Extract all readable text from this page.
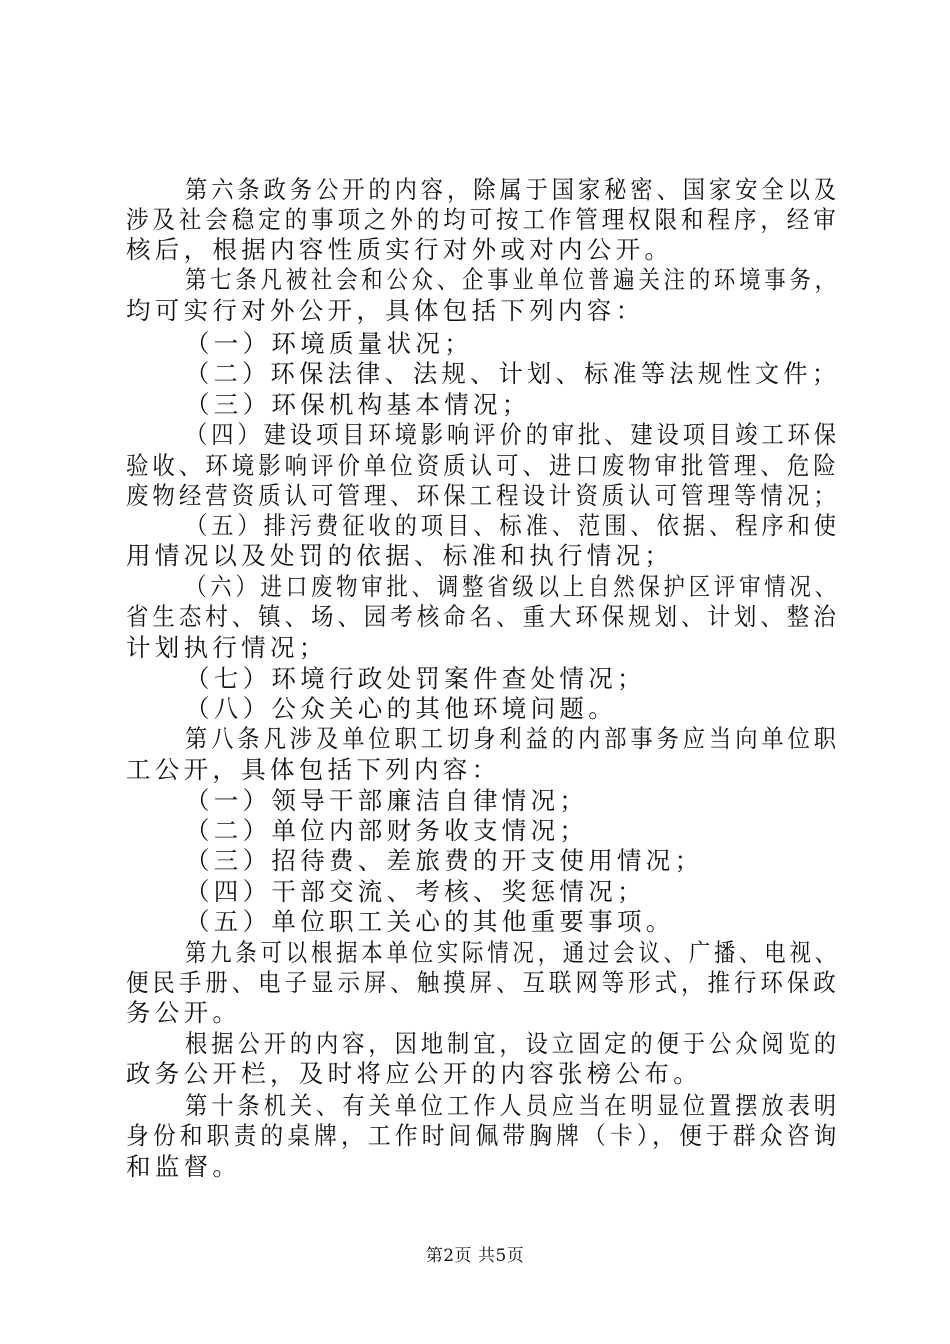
第六条政务公开的内容，除属于国家秘密、国家安全以及
涉及社会稳定的事项之外的均可按工作管理权限和程序，经审
核后，根据内容性质实行对外或对内公开。
第七条凡被社会和公众、企事业单位普遍关注的环境事务，
均可实行对外公开，具体包括下列内容：
（一）环境质量状况；
（二）环保法律、法规、计划、标准等法规性文件；
（三）环保机构基本情况；
（四）建设项目环境影响评价的审批、建设项目竣工环保
验收、环境影响评价单位资质认可、进口废物审批管理、危险
废物经营资质认可管理、环保工程设计资质认可管理等情况；
（五）排污费征收的项目、标准、范围、依据、程序和使
用情况以及处罚的依据、标准和执行情况；
（六）进口废物审批、调整省级以上自然保护区评审情况、
省生态村、镇、场、园考核命名、重大环保规划、计划、整治
计划执行情况；
（七）环境行政处罚案件查处情况；
（八）公众关心的其他环境问题。
第八条凡涉及单位职工切身利益的内部事务应当向单位职
工公开，具体包括下列内容：
（一）领导干部廉洁自律情况；
（二）单位内部财务收支情况；
（三）招待费、差旅费的开支使用情况；
（四）干部交流、考核、奖惩情况；
（五）单位职工关心的其他重要事项。
第九条可以根据本单位实际情况，通过会议、广播、电视、
便民手册、电子显示屏、触摸屏、互联网等形式，推行环保政
务公开。
根据公开的内容，因地制宜，设立固定的便于公众阅览的
政务公开栏，及时将应公开的内容张榜公布。
第十条机关、有关单位工作人员应当在明显位置摆放表明
身份和职责的桌牌，工作时间佩带胸牌（卡），便于群众咨询
和监督。
第2页 共5页
